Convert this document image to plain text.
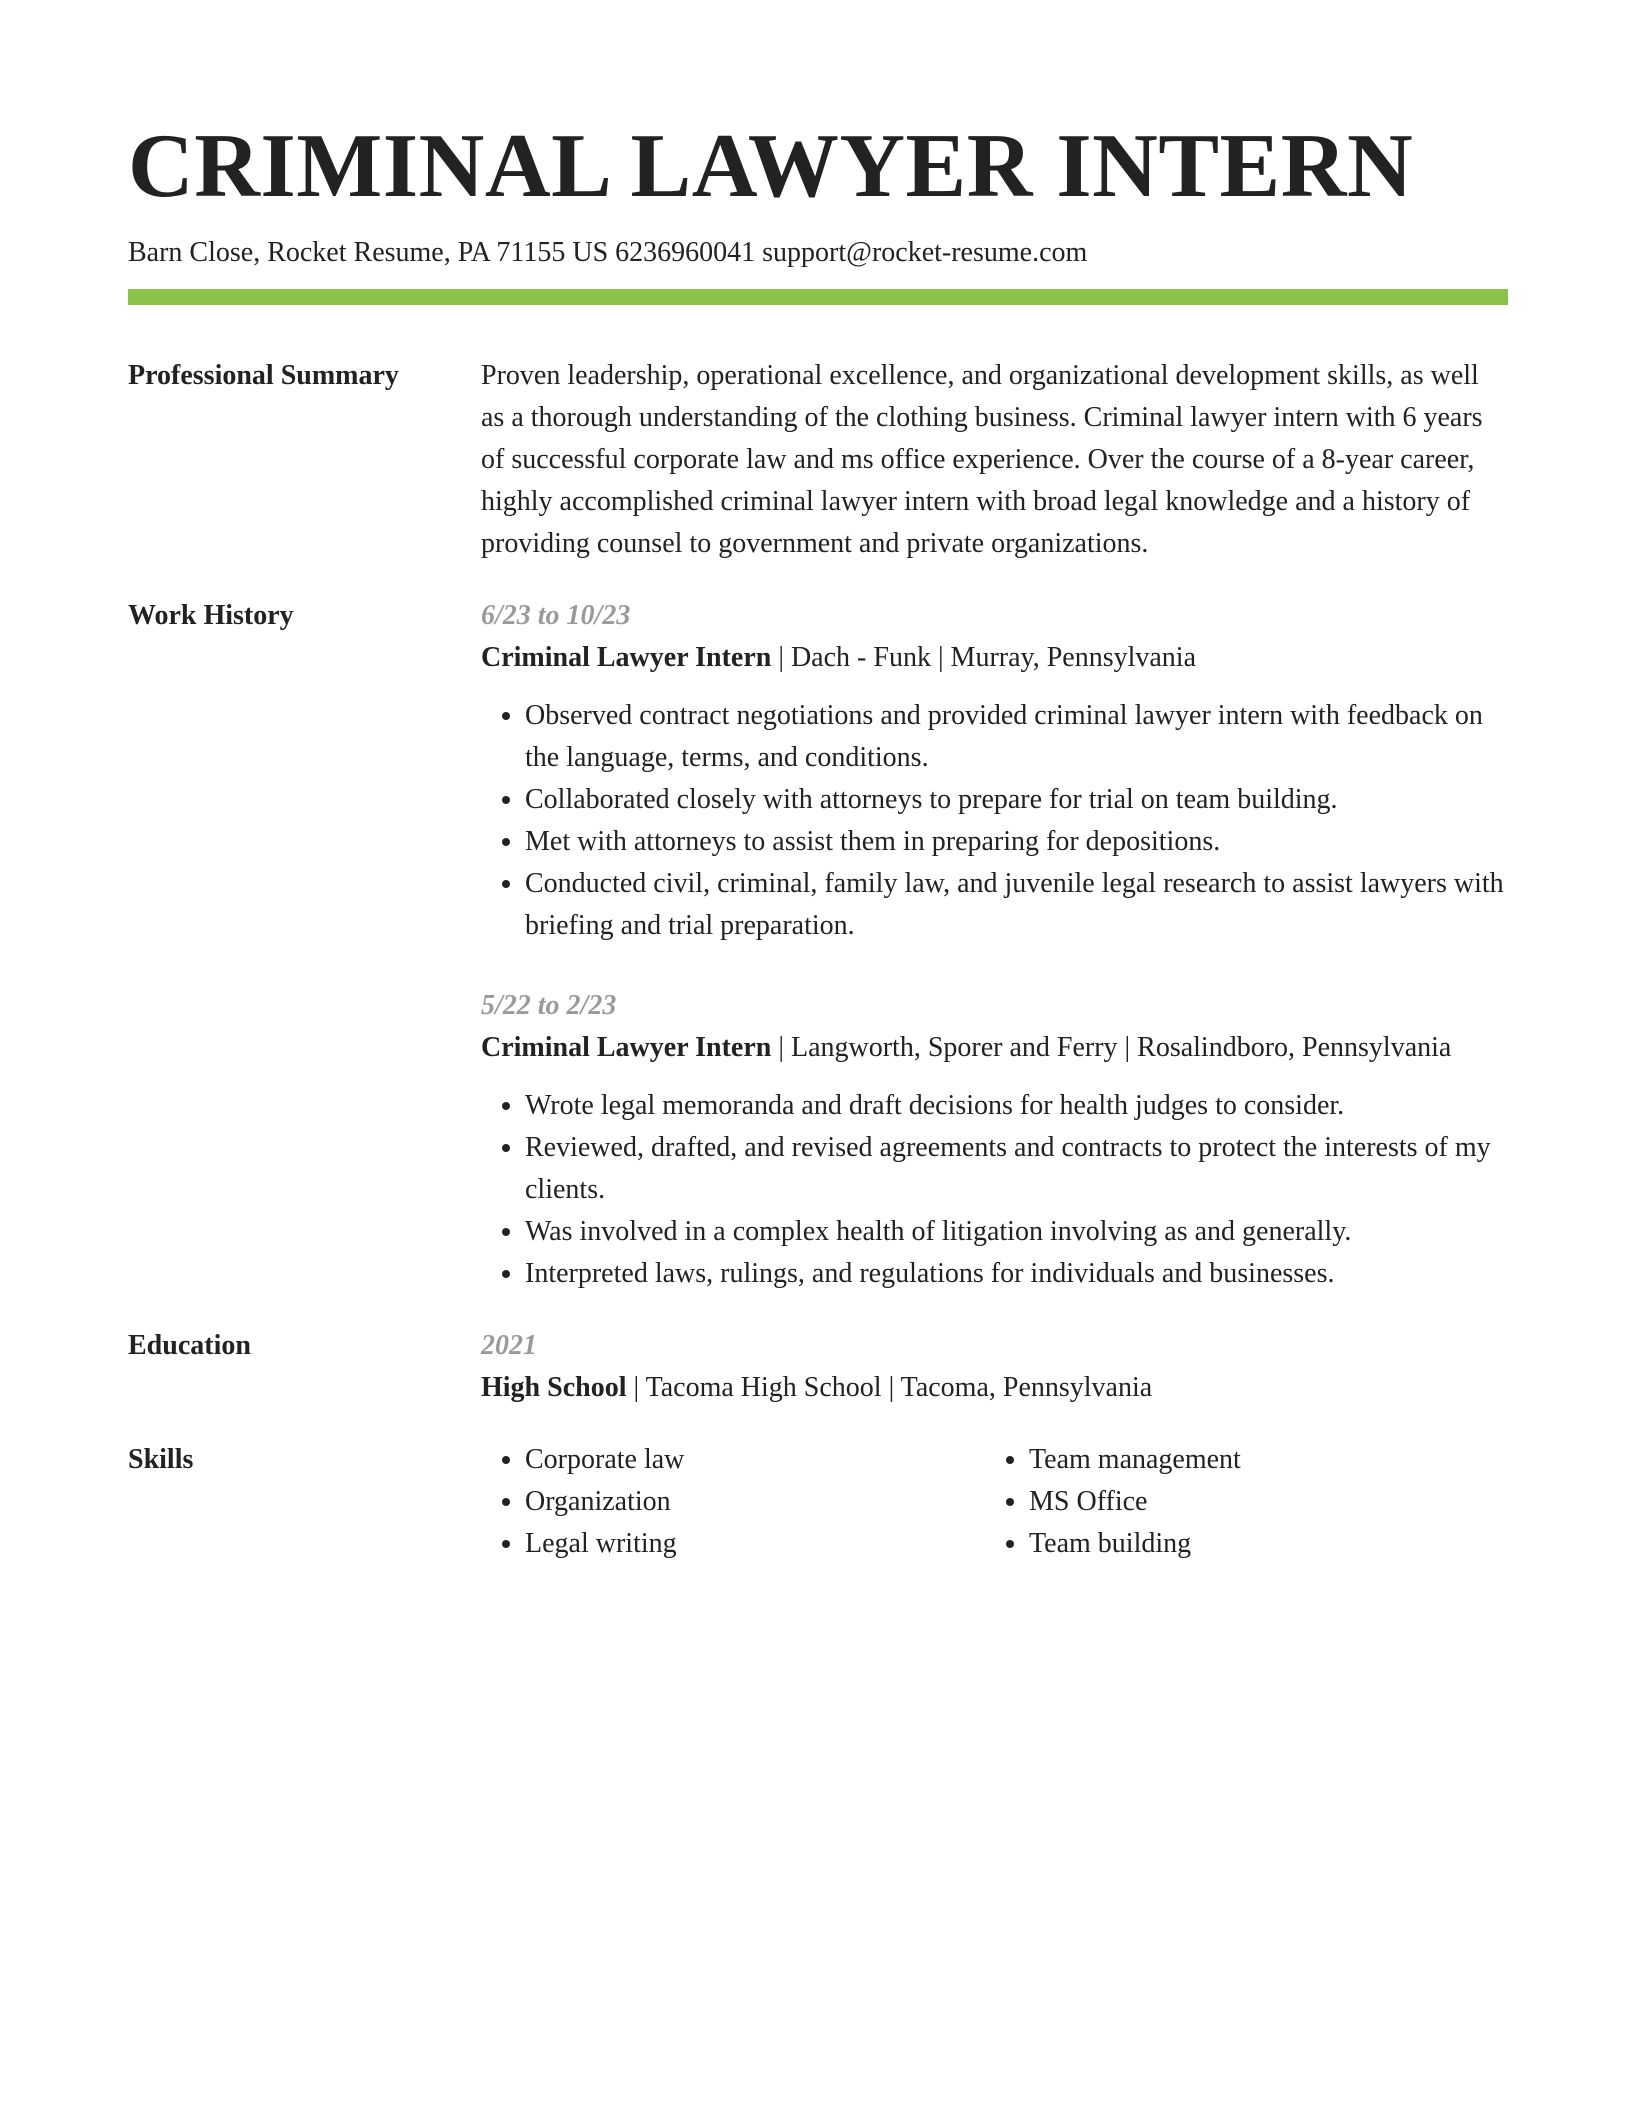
CRIMINAL LAWYER INTERN
Barn Close, Rocket Resume, PA 71155 US 6236960041 support@rocket-resume.com
Professional Summary	Proven leadership, operational excellence, and organizational development skills, as well as a thorough understanding of the clothing business. Criminal lawyer intern with 6 years of successful corporate law and ms office experience. Over the course of a 8-year career, highly accomplished criminal lawyer intern with broad legal knowledge and a history of providing counsel to government and private organizations.
Work History	6/23 to 10/23
Criminal Lawyer Intern | Dach - Funk | Murray, Pennsylvania
• Observed contract negotiations and provided criminal lawyer intern with feedback on the language, terms, and conditions.
• Collaborated closely with attorneys to prepare for trial on team building.
• Met with attorneys to assist them in preparing for depositions.
• Conducted civil, criminal, family law, and juvenile legal research to assist lawyers with briefing and trial preparation.
5/22 to 2/23
Criminal Lawyer Intern | Langworth, Sporer and Ferry | Rosalindboro, Pennsylvania
• Wrote legal memoranda and draft decisions for health judges to consider.
• Reviewed, drafted, and revised agreements and contracts to protect the interests of my clients.
• Was involved in a complex health of litigation involving as and generally.
• Interpreted laws, rulings, and regulations for individuals and businesses.
Education	2021
High School | Tacoma High School | Tacoma, Pennsylvania
Skills
•	Corporate law
• Organization
• Legal writing
• Team management
• MS Office
• Team building
